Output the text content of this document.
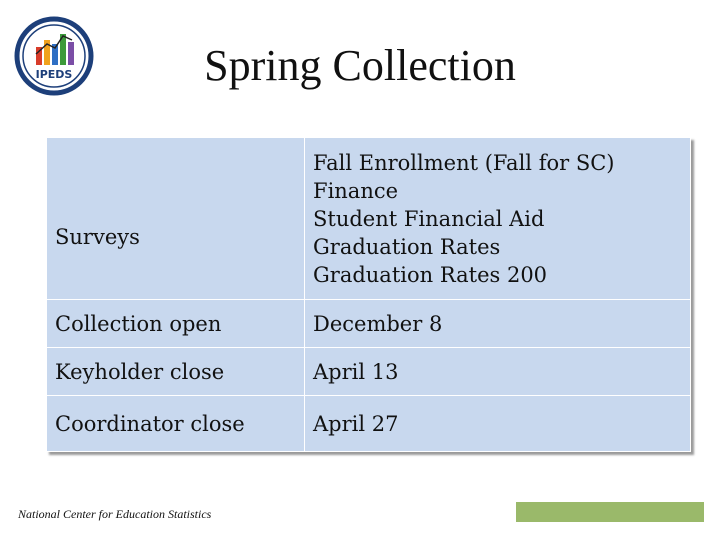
IPEDS	Spring Collection
Surveys	Fall Enrollment (Fall for SC)
Finance
Student Financial Aid
Graduation Rates
Graduation Rates 200

Collection open	December 8
Keyholder close	April 13
Coordinator close	April 27
National Center for Education Statistics
